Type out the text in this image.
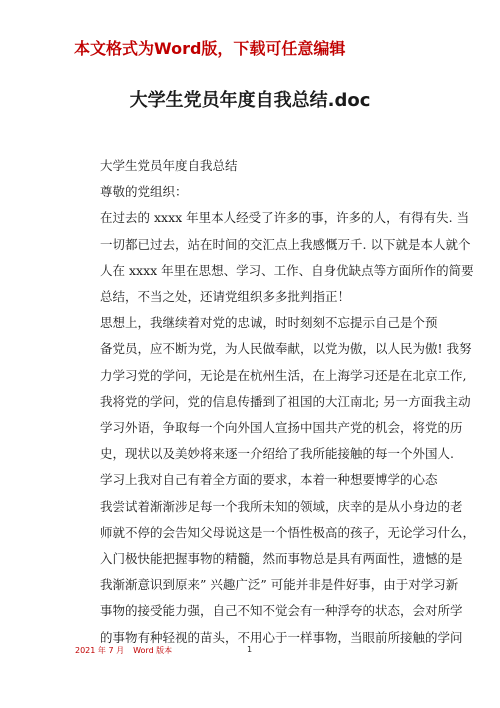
本文格式为Word版，下载可任意编辑
大学生党员年度自我总结.doc

大学生党员年度自我总结

尊敬的党组织：

在过去的 xxxx 年里本人经受了许多的事，许多的人，有得有失. 当
一切都已过去，站在时间的交汇点上我感慨万千. 以下就是本人就个
人在 xxxx 年里在思想、学习、工作、自身优缺点等方面所作的简要
总结，不当之处，还请党组织多多批判指正！

思想上，我继续着对党的忠诚，时时刻刻不忘提示自己是个预
备党员，应不断为党，为人民做奉献，以党为傲，以人民为傲! 我努
力学习党的学问，无论是在杭州生活，在上海学习还是在北京工作,
我将党的学问，党的信息传播到了祖国的大江南北; 另一方面我主动
学习外语，争取每一个向外国人宣扬中国共产党的机会，将党的历
史，现状以及美妙将来逐一介绍给了我所能接触的每一个外国人.

学习上我对自己有着全方面的要求，本着一种想要博学的心态
我尝试着渐渐涉足每一个我所未知的领域，庆幸的是从小身边的老
师就不停的会告知父母说这是一个悟性极高的孩子，无论学习什么，
入门极快能把握事物的精髓，然而事物总是具有两面性，遗憾的是
我渐渐意识到原来” 兴趣广泛” 可能并非是件好事，由于对学习新
事物的接受能力强，自己不知不觉会有一种浮夸的状态，会对所学
的事物有种轻视的苗头，不用心于一样事物，当眼前所接触的学问

2021 年 7 月 Word 版本	1
